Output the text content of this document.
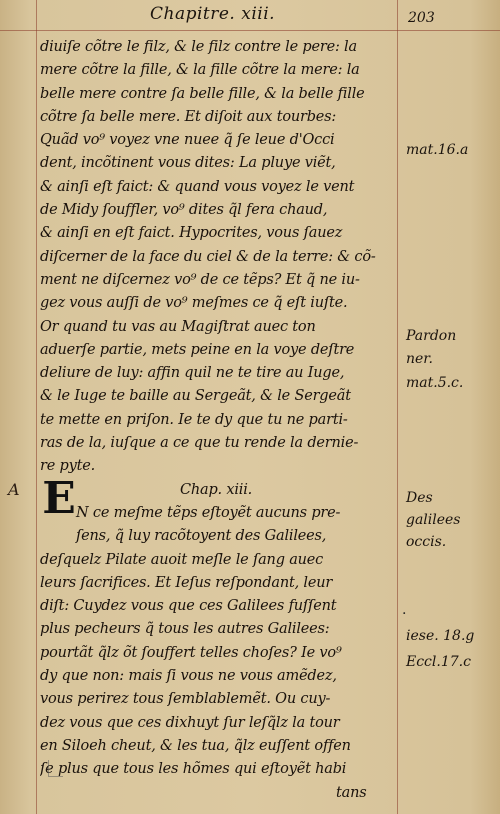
Chapitre. xiii.	203
A E
diuiſe cõtre le filz, & le filz contre le pere: la
mere cõtre la fille, & la fille cõtre la mere: la
belle mere contre ſa belle fille, & la belle fille
cõtre ſa belle mere. Et diſoit aux tourbes:
Quãd vo⁹ voyez vne nuee q̃ ſe leue d'Occi
dent, incõtinent vous dites: La pluye viẽt,
& ainſi eſt faict: & quand vous voyez le vent
de Midy ſouffler, vo⁹ dites q̃l fera chaud,
& ainſi en eſt faict. Hypocrites, vous ſauez
diſcerner de la face du ciel & de la terre: & cõ-
ment ne diſcernez vo⁹ de ce tẽps? Et q̃ ne iu-
gez vous auſſi de vo⁹ meſmes ce q̃ eſt iuſte.
Or quand tu vas au Magiſtrat auec ton
aduerſe partie, mets peine en la voye deſtre
deliure de luy: affin quil ne te tire au Iuge,
& le Iuge te baille au Sergeãt, & le Sergeãt
te mette en priſon. Ie te dy que tu ne parti-
ras de la, iuſque a ce que tu rende la dernie-
re pyte.
Chap. xiii.
N ce meſme tẽps eſtoyẽt aucuns pre-
ſens, q̃ luy racõtoyent des Galilees,
deſquelz Pilate auoit meſle le ſang auec
leurs ſacrifices. Et Ieſus reſpondant, leur
diſt: Cuydez vous que ces Galilees fuſſent
plus pecheurs q̃ tous les autres Galilees:
pourtãt q̃lz õt ſouffert telles choſes? Ie vo⁹
dy que non: mais ſi vous ne vous amẽdez,
vous perirez tous ſemblablemẽt. Ou cuy-
dez vous que ces dixhuyt ſur leſq̃lz la tour
en Siloeh cheut, & les tua, q̃lz euſſent offen
ſe plus que tous les hõmes qui eſtoyẽt habi
tans
mat.16.a
Pardon
ner.
mat.5.c.
Des
galilees
occis.
iese. 18.g
Eccl.17.c
.
